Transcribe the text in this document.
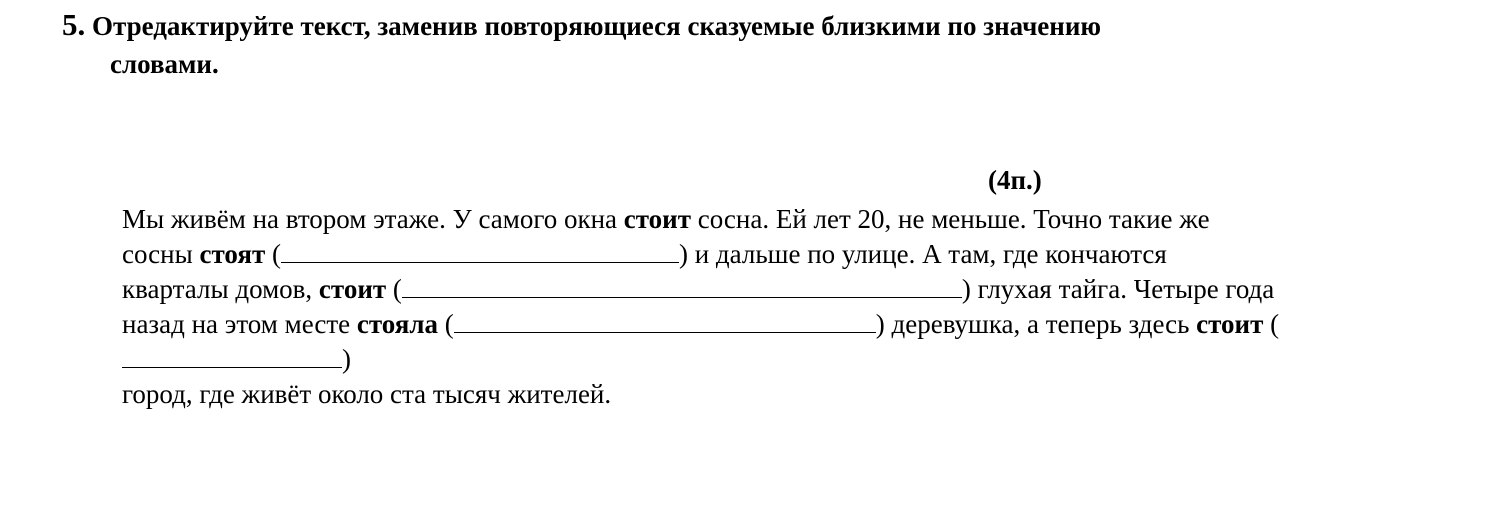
5. Отредактируйте текст, заменив повторяющиеся сказуемые близкими по значению
словами.
(4п.)
Мы живём на втором этаже. У самого окна стоит сосна. Ей лет 20, не меньше. Точно такие же
сосны стоят (	) и дальше по улице. А там, где кончаются
кварталы домов, стоит (	) глухая тайга. Четыре года
назад на этом месте стояла (	) деревушка, а теперь здесь стоит (
)
город, где живёт около ста тысяч жителей.
